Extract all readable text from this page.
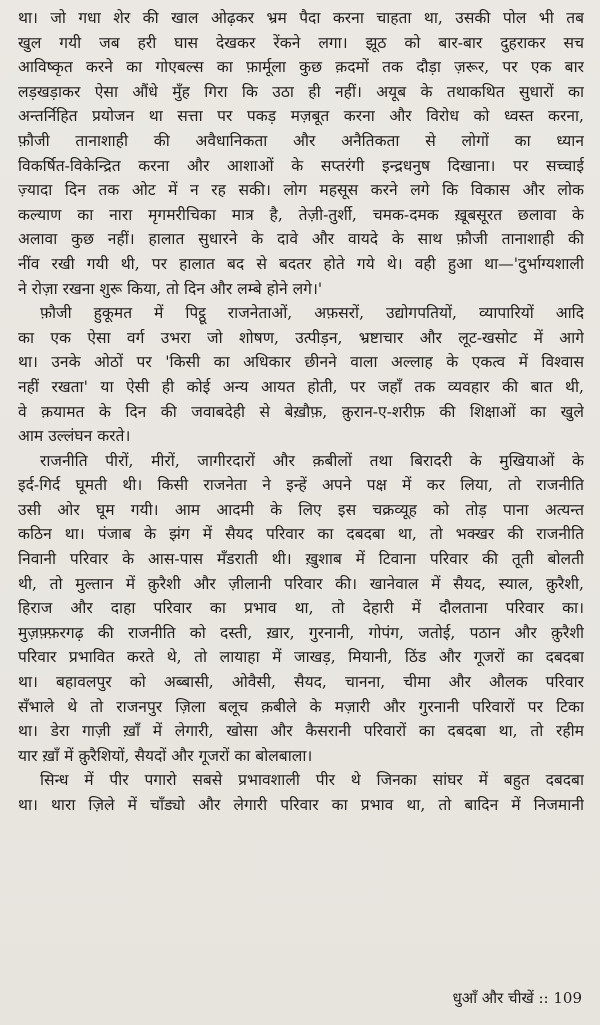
था। जो गधा शेर की खाल ओढ़कर भ्रम पैदा करना चाहता था, उसकी पोल भी तब
खुल गयी जब हरी घास देखकर रेंकने लगा। झूठ को बार-बार दुहराकर सच
आविष्कृत करने का गोएबल्स का फ़ार्मूला कुछ क़दमों तक दौड़ा ज़रूर, पर एक बार
लड़खड़ाकर ऐसा औंधे मुँह गिरा कि उठा ही नहीं। अयूब के तथाकथित सुधारों का
अन्तर्निहित प्रयोजन था सत्ता पर पकड़ मज़बूत करना और विरोध को ध्वस्त करना,
फ़ौजी तानाशाही की अवैधानिकता और अनैतिकता से लोगों का ध्यान
विकर्षित-विकेन्द्रित करना और आशाओं के सप्तरंगी इन्द्रधनुष दिखाना। पर सच्चाई
ज़्यादा दिन तक ओट में न रह सकी। लोग महसूस करने लगे कि विकास और लोक
कल्याण का नारा मृगमरीचिका मात्र है, तेज़ी-तुर्शी, चमक-दमक ख़ूबसूरत छलावा के
अलावा कुछ नहीं। हालात सुधारने के दावे और वायदे के साथ फ़ौजी तानाशाही की
नींव रखी गयी थी, पर हालात बद से बदतर होते गये थे। वही हुआ था—'दुर्भाग्यशाली
ने रोज़ा रखना शुरू किया, तो दिन और लम्बे होने लगे।'
फ़ौजी हुकूमत में पिट्ठू राजनेताओं, अफ़सरों, उद्योगपतियों, व्यापारियों आदि
का एक ऐसा वर्ग उभरा जो शोषण, उत्पीड़न, भ्रष्टाचार और लूट-खसोट में आगे
था। उनके ओठों पर 'किसी का अधिकार छीनने वाला अल्लाह के एकत्व में विश्वास
नहीं रखता' या ऐसी ही कोई अन्य आयत होती, पर जहाँ तक व्यवहार की बात थी,
वे क़यामत के दिन की जवाबदेही से बेख़ौफ़, क़ुरान-ए-शरीफ़ की शिक्षाओं का खुले
आम उल्लंघन करते।
राजनीति पीरों, मीरों, जागीरदारों और क़बीलों तथा बिरादरी के मुखियाओं के
इर्द-गिर्द घूमती थी। किसी राजनेता ने इन्हें अपने पक्ष में कर लिया, तो राजनीति
उसी ओर घूम गयी। आम आदमी के लिए इस चक्रव्यूह को तोड़ पाना अत्यन्त
कठिन था। पंजाब के झंग में सैयद परिवार का दबदबा था, तो भक्खर की राजनीति
निवानी परिवार के आस-पास मँडराती थी। ख़ुशाब में टिवाना परिवार की तूती बोलती
थी, तो मुल्तान में क़ुरैशी और ज़ीलानी परिवार की। खानेवाल में सैयद, स्याल, क़ुरैशी,
हिराज और दाहा परिवार का प्रभाव था, तो देहारी में दौलताना परिवार का।
मुज़फ़्फ़रगढ़ की राजनीति को दस्ती, ख़ार, गुरनानी, गोपंग, जतोई, पठान और क़ुरैशी
परिवार प्रभावित करते थे, तो लायाहा में जाखड़, मियानी, ठिंड और गूजरों का दबदबा
था। बहावलपुर को अब्बासी, ओवैसी, सैयद, चानना, चीमा और औलक परिवार
सँभाले थे तो राजनपुर ज़िला बलूच क़बीले के मज़ारी और गुरनानी परिवारों पर टिका
था। डेरा गाज़ी ख़ाँ में लेगारी, खोसा और कैसरानी परिवारों का दबदबा था, तो रहीम
यार ख़ाँ में क़ुरैशियों, सैयदों और गूजरों का बोलबाला।
सिन्ध में पीर पगारो सबसे प्रभावशाली पीर थे जिनका सांघर में बहुत दबदबा
था। थारा ज़िले में चाँड्यो और लेगारी परिवार का प्रभाव था, तो बादिन में निजमानी
धुआँ और चीखें :: 109
